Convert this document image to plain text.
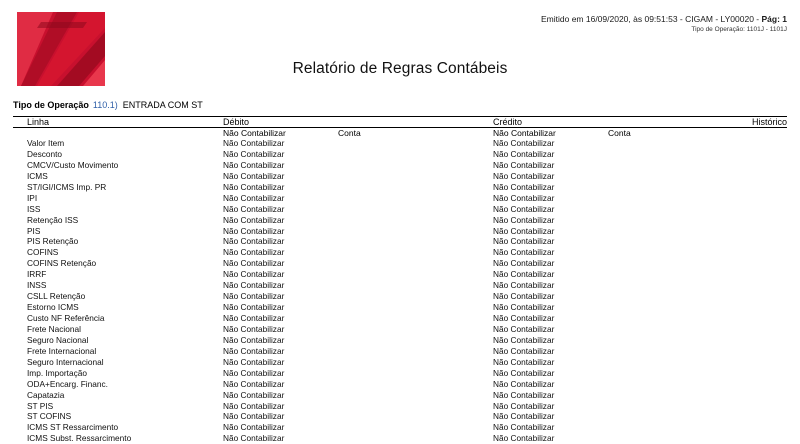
Emitido em 16/09/2020, às 09:51:53 - CIGAM - LY00020 - Pág: 1
Tipo de Operação: 1101J - 1101J
Relatório de Regras Contábeis
Tipo de Operação 110.1) ENTRADA COM ST
Linha	Débito		Crédito		Histórico

	Não Contabilizar	Conta	Não Contabilizar	Conta	
Valor Item	Não Contabilizar		Não Contabilizar		
Desconto	Não Contabilizar		Não Contabilizar		
CMCV/Custo Movimento	Não Contabilizar		Não Contabilizar		
ICMS	Não Contabilizar		Não Contabilizar		
ST/IGI/ICMS Imp. PR	Não Contabilizar		Não Contabilizar		
IPI	Não Contabilizar		Não Contabilizar		
ISS	Não Contabilizar		Não Contabilizar		
Retenção ISS	Não Contabilizar		Não Contabilizar		
PIS	Não Contabilizar		Não Contabilizar		
PIS Retenção	Não Contabilizar		Não Contabilizar		
COFINS	Não Contabilizar		Não Contabilizar		
COFINS Retenção	Não Contabilizar		Não Contabilizar		
IRRF	Não Contabilizar		Não Contabilizar		
INSS	Não Contabilizar		Não Contabilizar		
CSLL Retenção	Não Contabilizar		Não Contabilizar		
Estorno ICMS	Não Contabilizar		Não Contabilizar		
Custo NF Referência	Não Contabilizar		Não Contabilizar		
Frete Nacional	Não Contabilizar		Não Contabilizar		
Seguro Nacional	Não Contabilizar		Não Contabilizar		
Frete Internacional	Não Contabilizar		Não Contabilizar		
Seguro Internacional	Não Contabilizar		Não Contabilizar		
Imp. Importação	Não Contabilizar		Não Contabilizar		
ODA+Encarg. Financ.	Não Contabilizar		Não Contabilizar		
Capatazia	Não Contabilizar		Não Contabilizar		
ST PIS	Não Contabilizar		Não Contabilizar		
ST COFINS	Não Contabilizar		Não Contabilizar		
ICMS ST Ressarcimento	Não Contabilizar		Não Contabilizar		
ICMS Subst. Ressarcimento	Não Contabilizar		Não Contabilizar		
